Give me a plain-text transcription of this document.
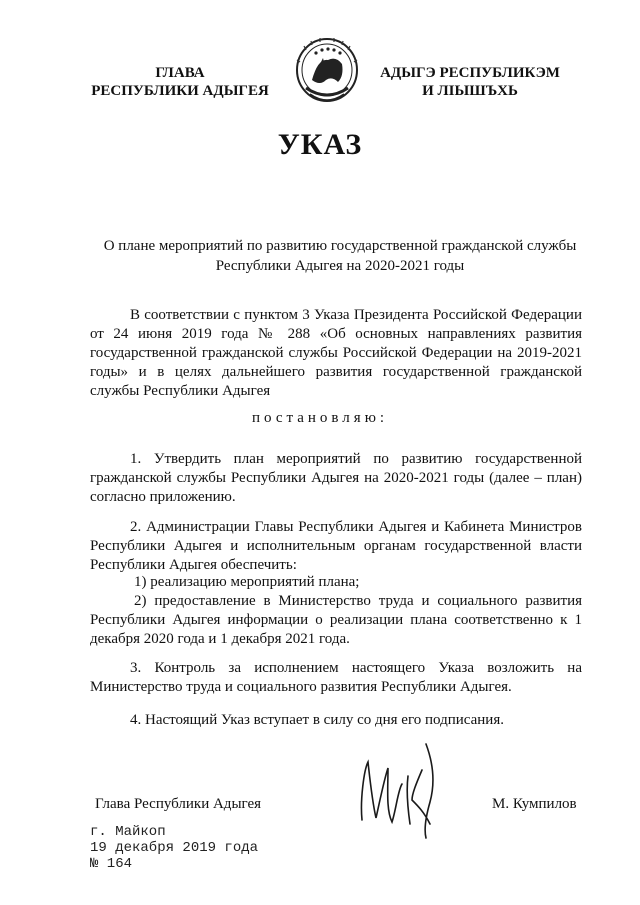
ГЛАВА
РЕСПУБЛИКИ АДЫГЕЯ
АДЫГЭ РЕСПУБЛИКЭМ
И ЛІЫШЪХЬ
УКАЗ
О плане мероприятий по развитию государственной гражданской службы
Республики Адыгея на 2020-2021 годы
В соответствии с пунктом 3 Указа Президента Российской Федерации от 24 июня 2019 года № 288 «Об основных направлениях развития государственной гражданской службы Российской Федерации на 2019-2021 годы» и в целях дальнейшего развития государственной гражданской службы Республики Адыгея
постановляю:
1. Утвердить план мероприятий по развитию государственной гражданской службы Республики Адыгея на 2020-2021 годы (далее – план) согласно приложению.
2. Администрации Главы Республики Адыгея и Кабинета Министров Республики Адыгея и исполнительным органам государственной власти Республики Адыгея обеспечить:
1) реализацию мероприятий плана;
2) предоставление в Министерство труда и социального развития Республики Адыгея информации о реализации плана соответственно к 1 декабря 2020 года и 1 декабря 2021 года.
3. Контроль за исполнением настоящего Указа возложить на Министерство труда и социального развития Республики Адыгея.
4. Настоящий Указ вступает в силу со дня его подписания.
Глава Республики Адыгея	М. Кумпилов
г. Майкоп
19 декабря 2019 года
№ 164
